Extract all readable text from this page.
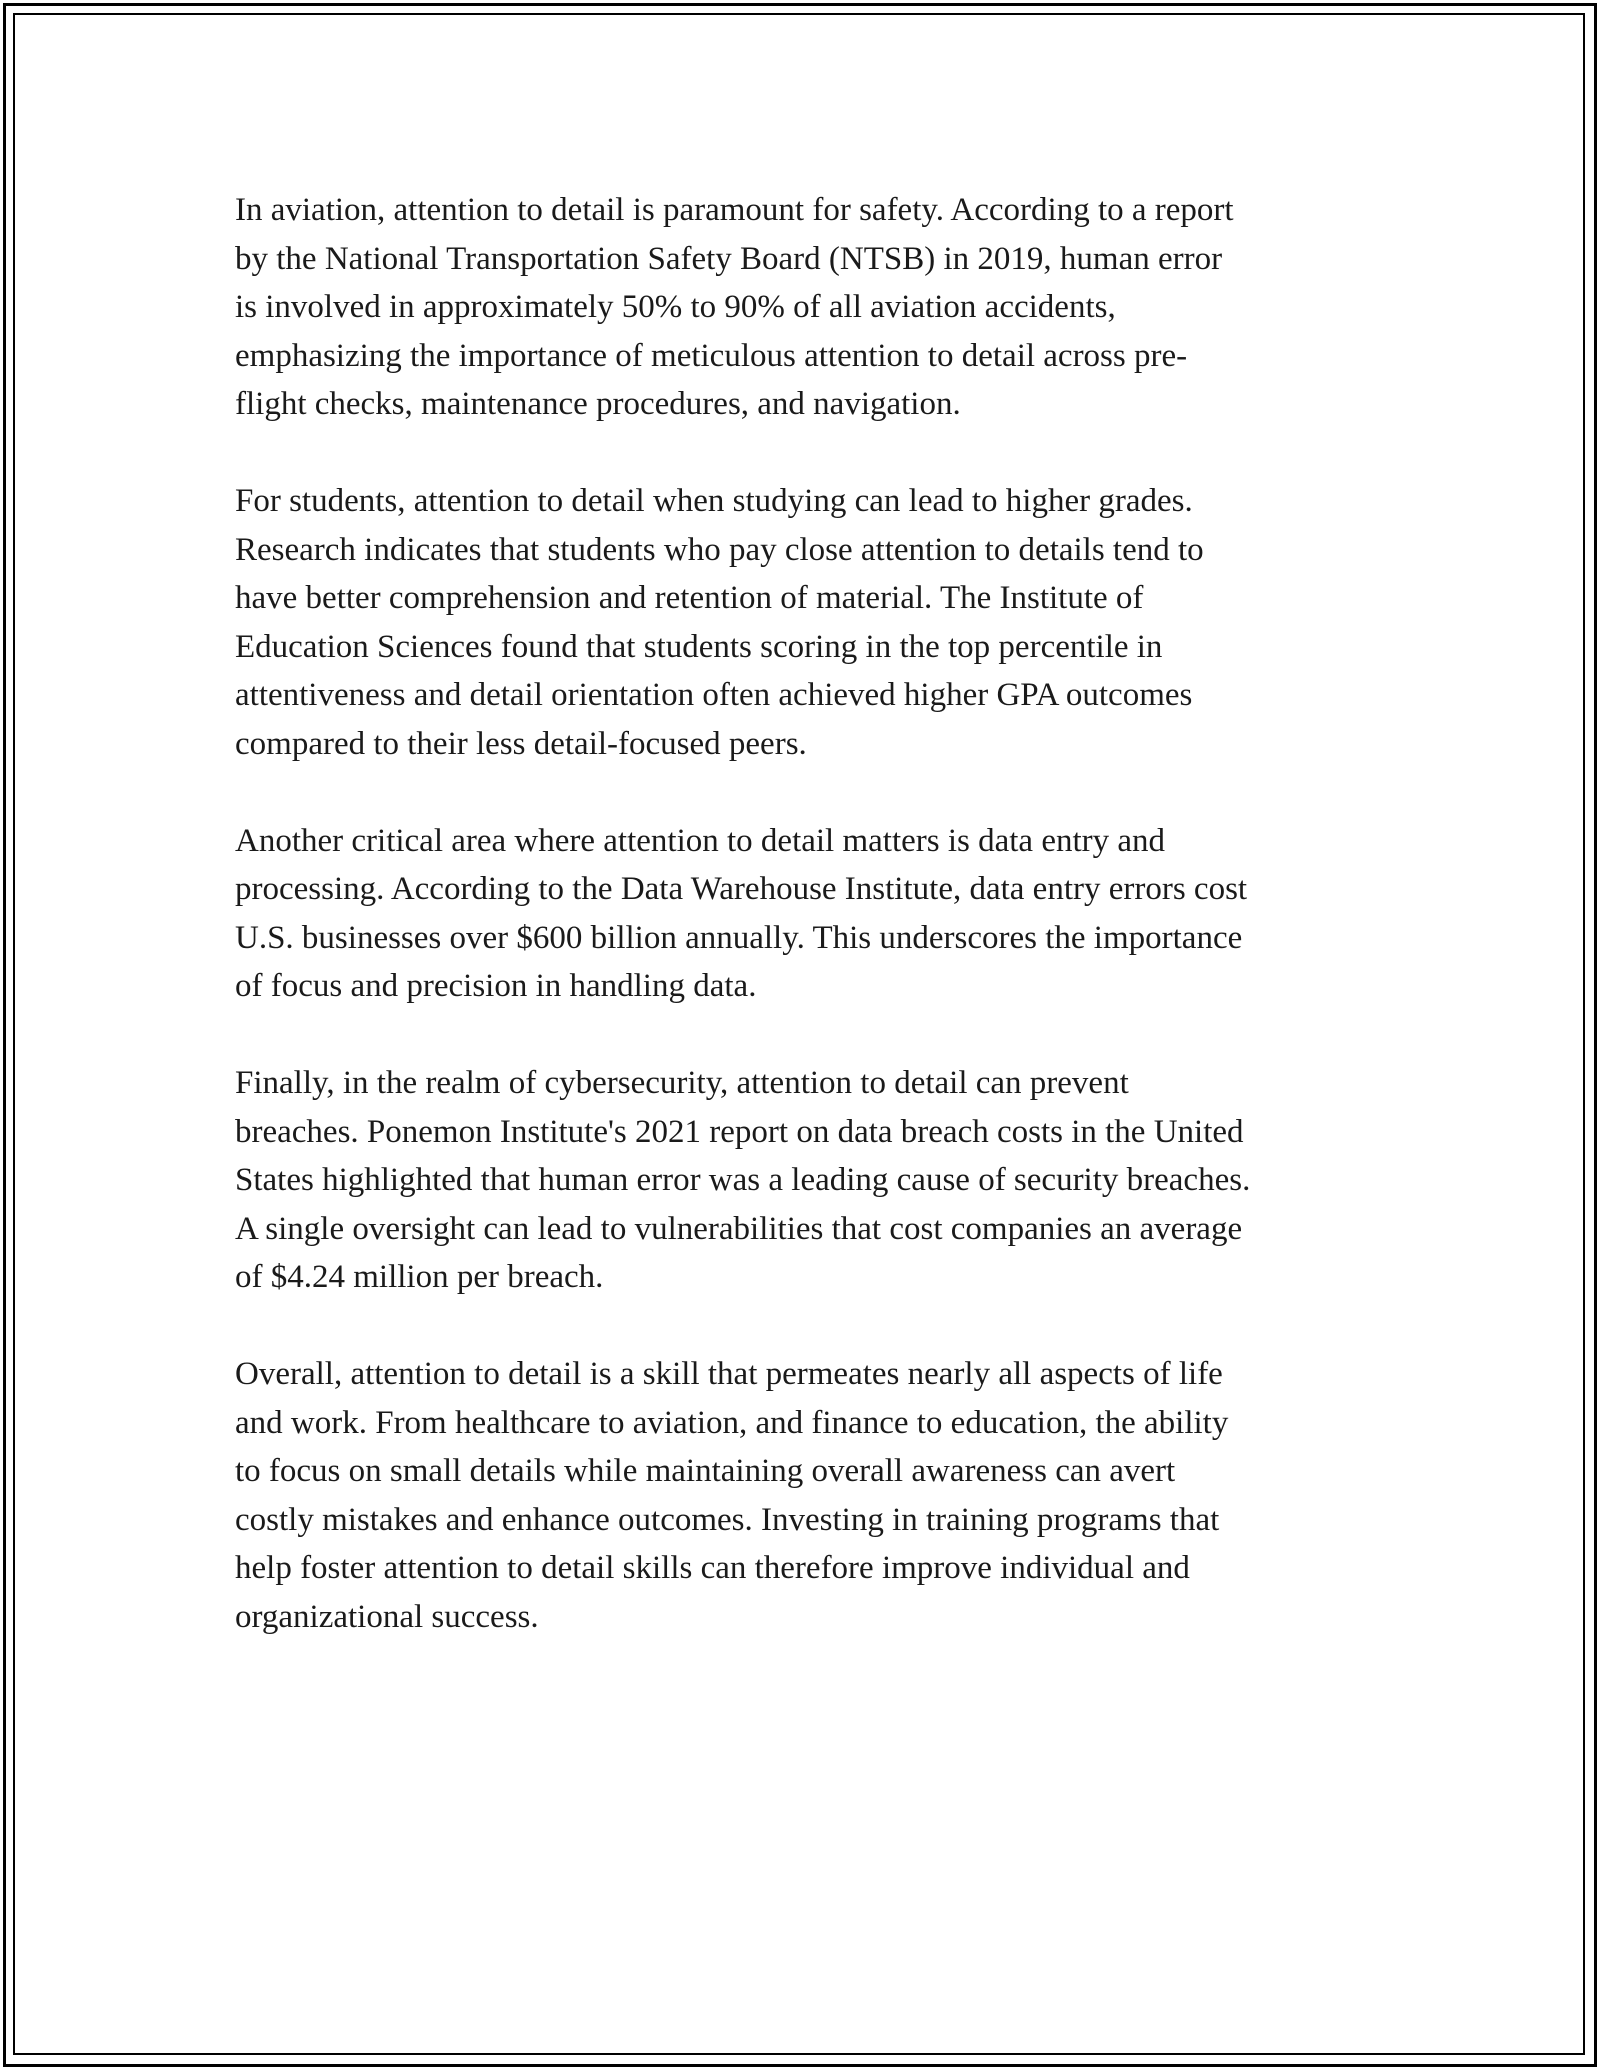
In aviation, attention to detail is paramount for safety. According to a report
by the National Transportation Safety Board (NTSB) in 2019, human error
is involved in approximately 50% to 90% of all aviation accidents,
emphasizing the importance of meticulous attention to detail across pre-
flight checks, maintenance procedures, and navigation.

For students, attention to detail when studying can lead to higher grades.
Research indicates that students who pay close attention to details tend to
have better comprehension and retention of material. The Institute of
Education Sciences found that students scoring in the top percentile in
attentiveness and detail orientation often achieved higher GPA outcomes
compared to their less detail-focused peers.

Another critical area where attention to detail matters is data entry and
processing. According to the Data Warehouse Institute, data entry errors cost
U.S. businesses over $600 billion annually. This underscores the importance
of focus and precision in handling data.

Finally, in the realm of cybersecurity, attention to detail can prevent
breaches. Ponemon Institute's 2021 report on data breach costs in the United
States highlighted that human error was a leading cause of security breaches.
A single oversight can lead to vulnerabilities that cost companies an average
of $4.24 million per breach.

Overall, attention to detail is a skill that permeates nearly all aspects of life
and work. From healthcare to aviation, and finance to education, the ability
to focus on small details while maintaining overall awareness can avert
costly mistakes and enhance outcomes. Investing in training programs that
help foster attention to detail skills can therefore improve individual and
organizational success.
